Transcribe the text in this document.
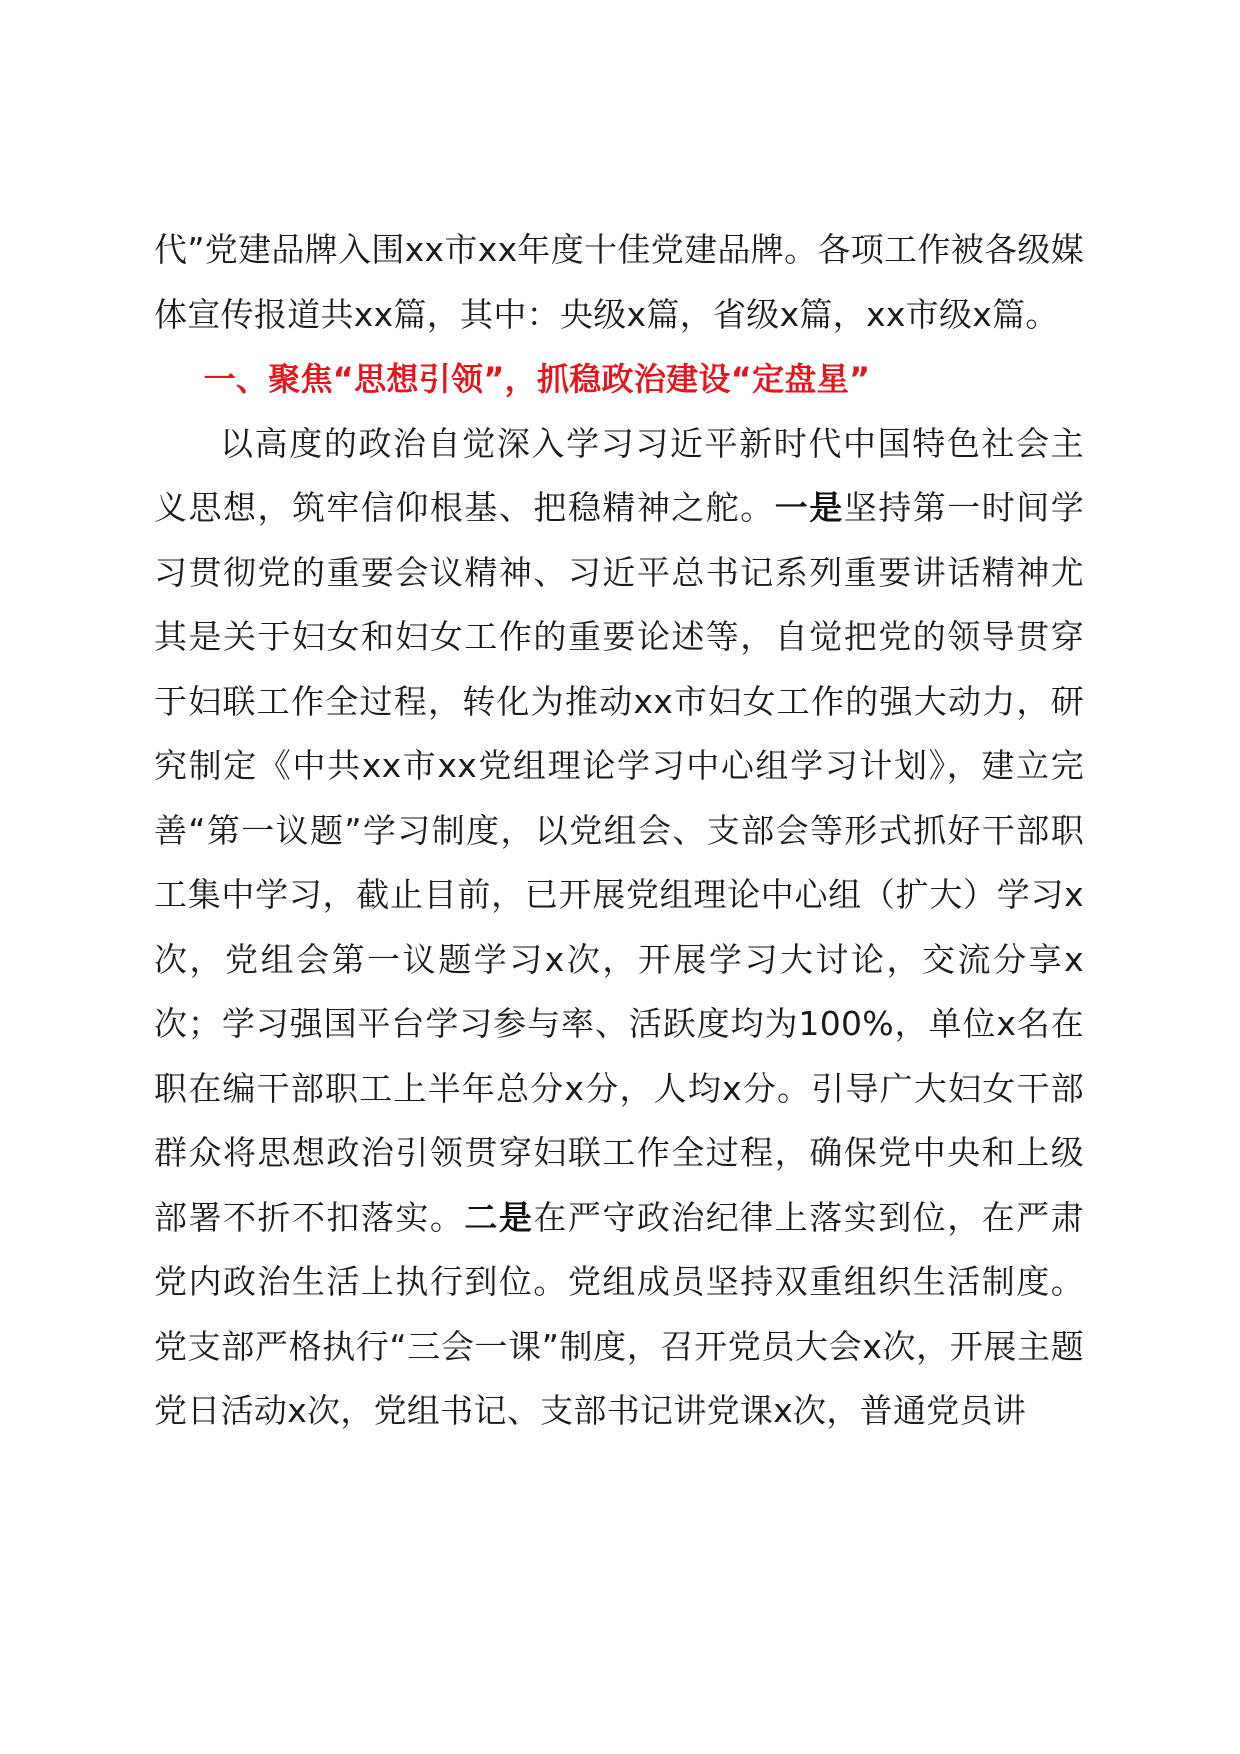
代”党建品牌入围xx市xx年度十佳党建品牌。各项工作被各级媒体宣传报道共xx篇，其中：央级x篇，省级x篇，xx市级x篇。

一、聚焦“思想引领”，抓稳政治建设“定盘星”

以高度的政治自觉深入学习习近平新时代中国特色社会主义思想，筑牢信仰根基、把稳精神之舵。一是坚持第一时间学习贯彻党的重要会议精神、习近平总书记系列重要讲话精神尤其是关于妇女和妇女工作的重要论述等，自觉把党的领导贯穿于妇联工作全过程，转化为推动xx市妇女工作的强大动力，研究制定《中共xx市xx党组理论学习中心组学习计划》，建立完善“第一议题”学习制度，以党组会、支部会等形式抓好干部职工集中学习，截止目前，已开展党组理论中心组（扩大）学习x次，党组会第一议题学习x次，开展学习大讨论，交流分享x次；学习强国平台学习参与率、活跃度均为100%，单位x名在职在编干部职工上半年总分x分，人均x分。引导广大妇女干部群众将思想政治引领贯穿妇联工作全过程，确保党中央和上级部署不折不扣落实。二是在严守政治纪律上落实到位，在严肃党内政治生活上执行到位。党组成员坚持双重组织生活制度。党支部严格执行“三会一课”制度，召开党员大会x次，开展主题党日活动x次，党组书记、支部书记讲党课x次，普通党员讲
